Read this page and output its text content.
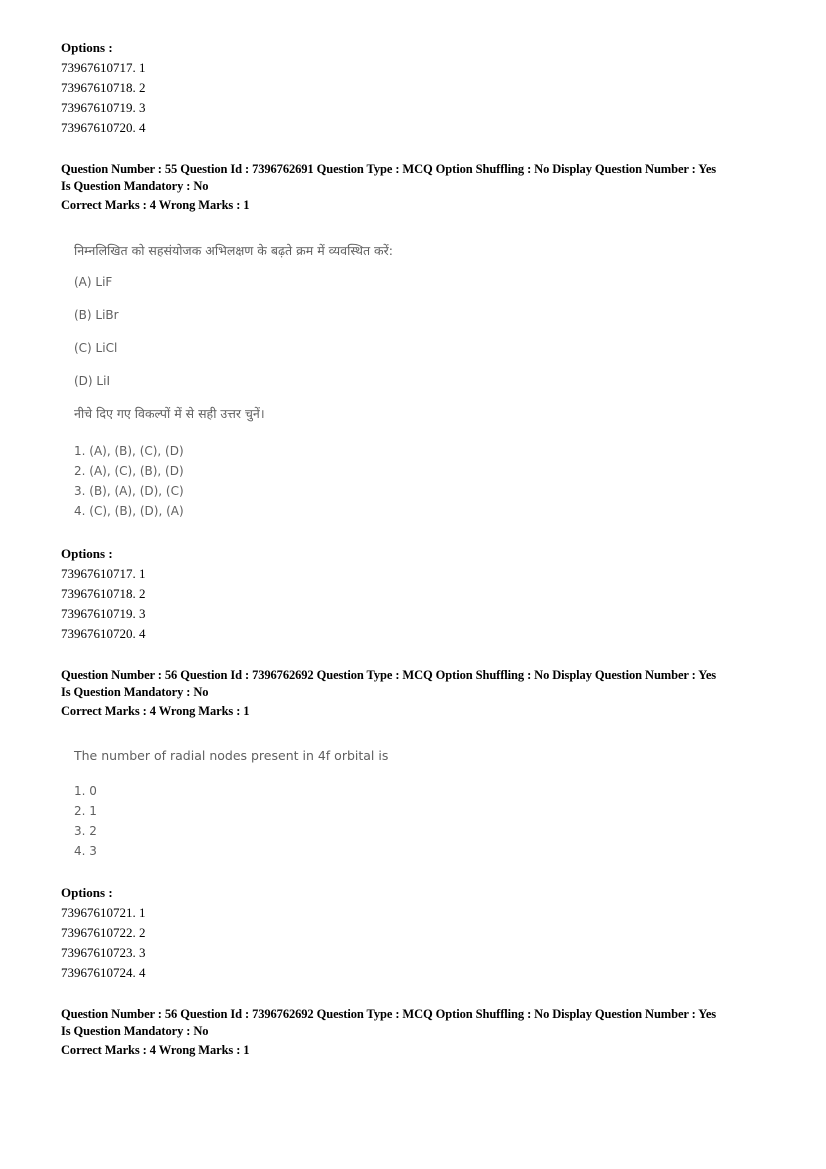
Options :
73967610717. 1
73967610718. 2
73967610719. 3
73967610720. 4
Question Number : 55 Question Id : 7396762691 Question Type : MCQ Option Shuffling : No Display Question Number : Yes
Is Question Mandatory : No
Correct Marks : 4 Wrong Marks : 1
निम्नलिखित को सहसंयोजक अभिलक्षण के बढ़ते क्रम में व्यवस्थित करें:
(A) LiF
(B) LiBr
(C) LiCl
(D) LiI
नीचे दिए गए विकल्पों में से सही उत्तर चुनें।
1. (A), (B), (C), (D)
2. (A), (C), (B), (D)
3. (B), (A), (D), (C)
4. (C), (B), (D), (A)
Options :
73967610717. 1
73967610718. 2
73967610719. 3
73967610720. 4
Question Number : 56 Question Id : 7396762692 Question Type : MCQ Option Shuffling : No Display Question Number : Yes
Is Question Mandatory : No
Correct Marks : 4 Wrong Marks : 1
The number of radial nodes present in 4f orbital is
1. 0
2. 1
3. 2
4. 3
Options :
73967610721. 1
73967610722. 2
73967610723. 3
73967610724. 4
Question Number : 56 Question Id : 7396762692 Question Type : MCQ Option Shuffling : No Display Question Number : Yes
Is Question Mandatory : No
Correct Marks : 4 Wrong Marks : 1
